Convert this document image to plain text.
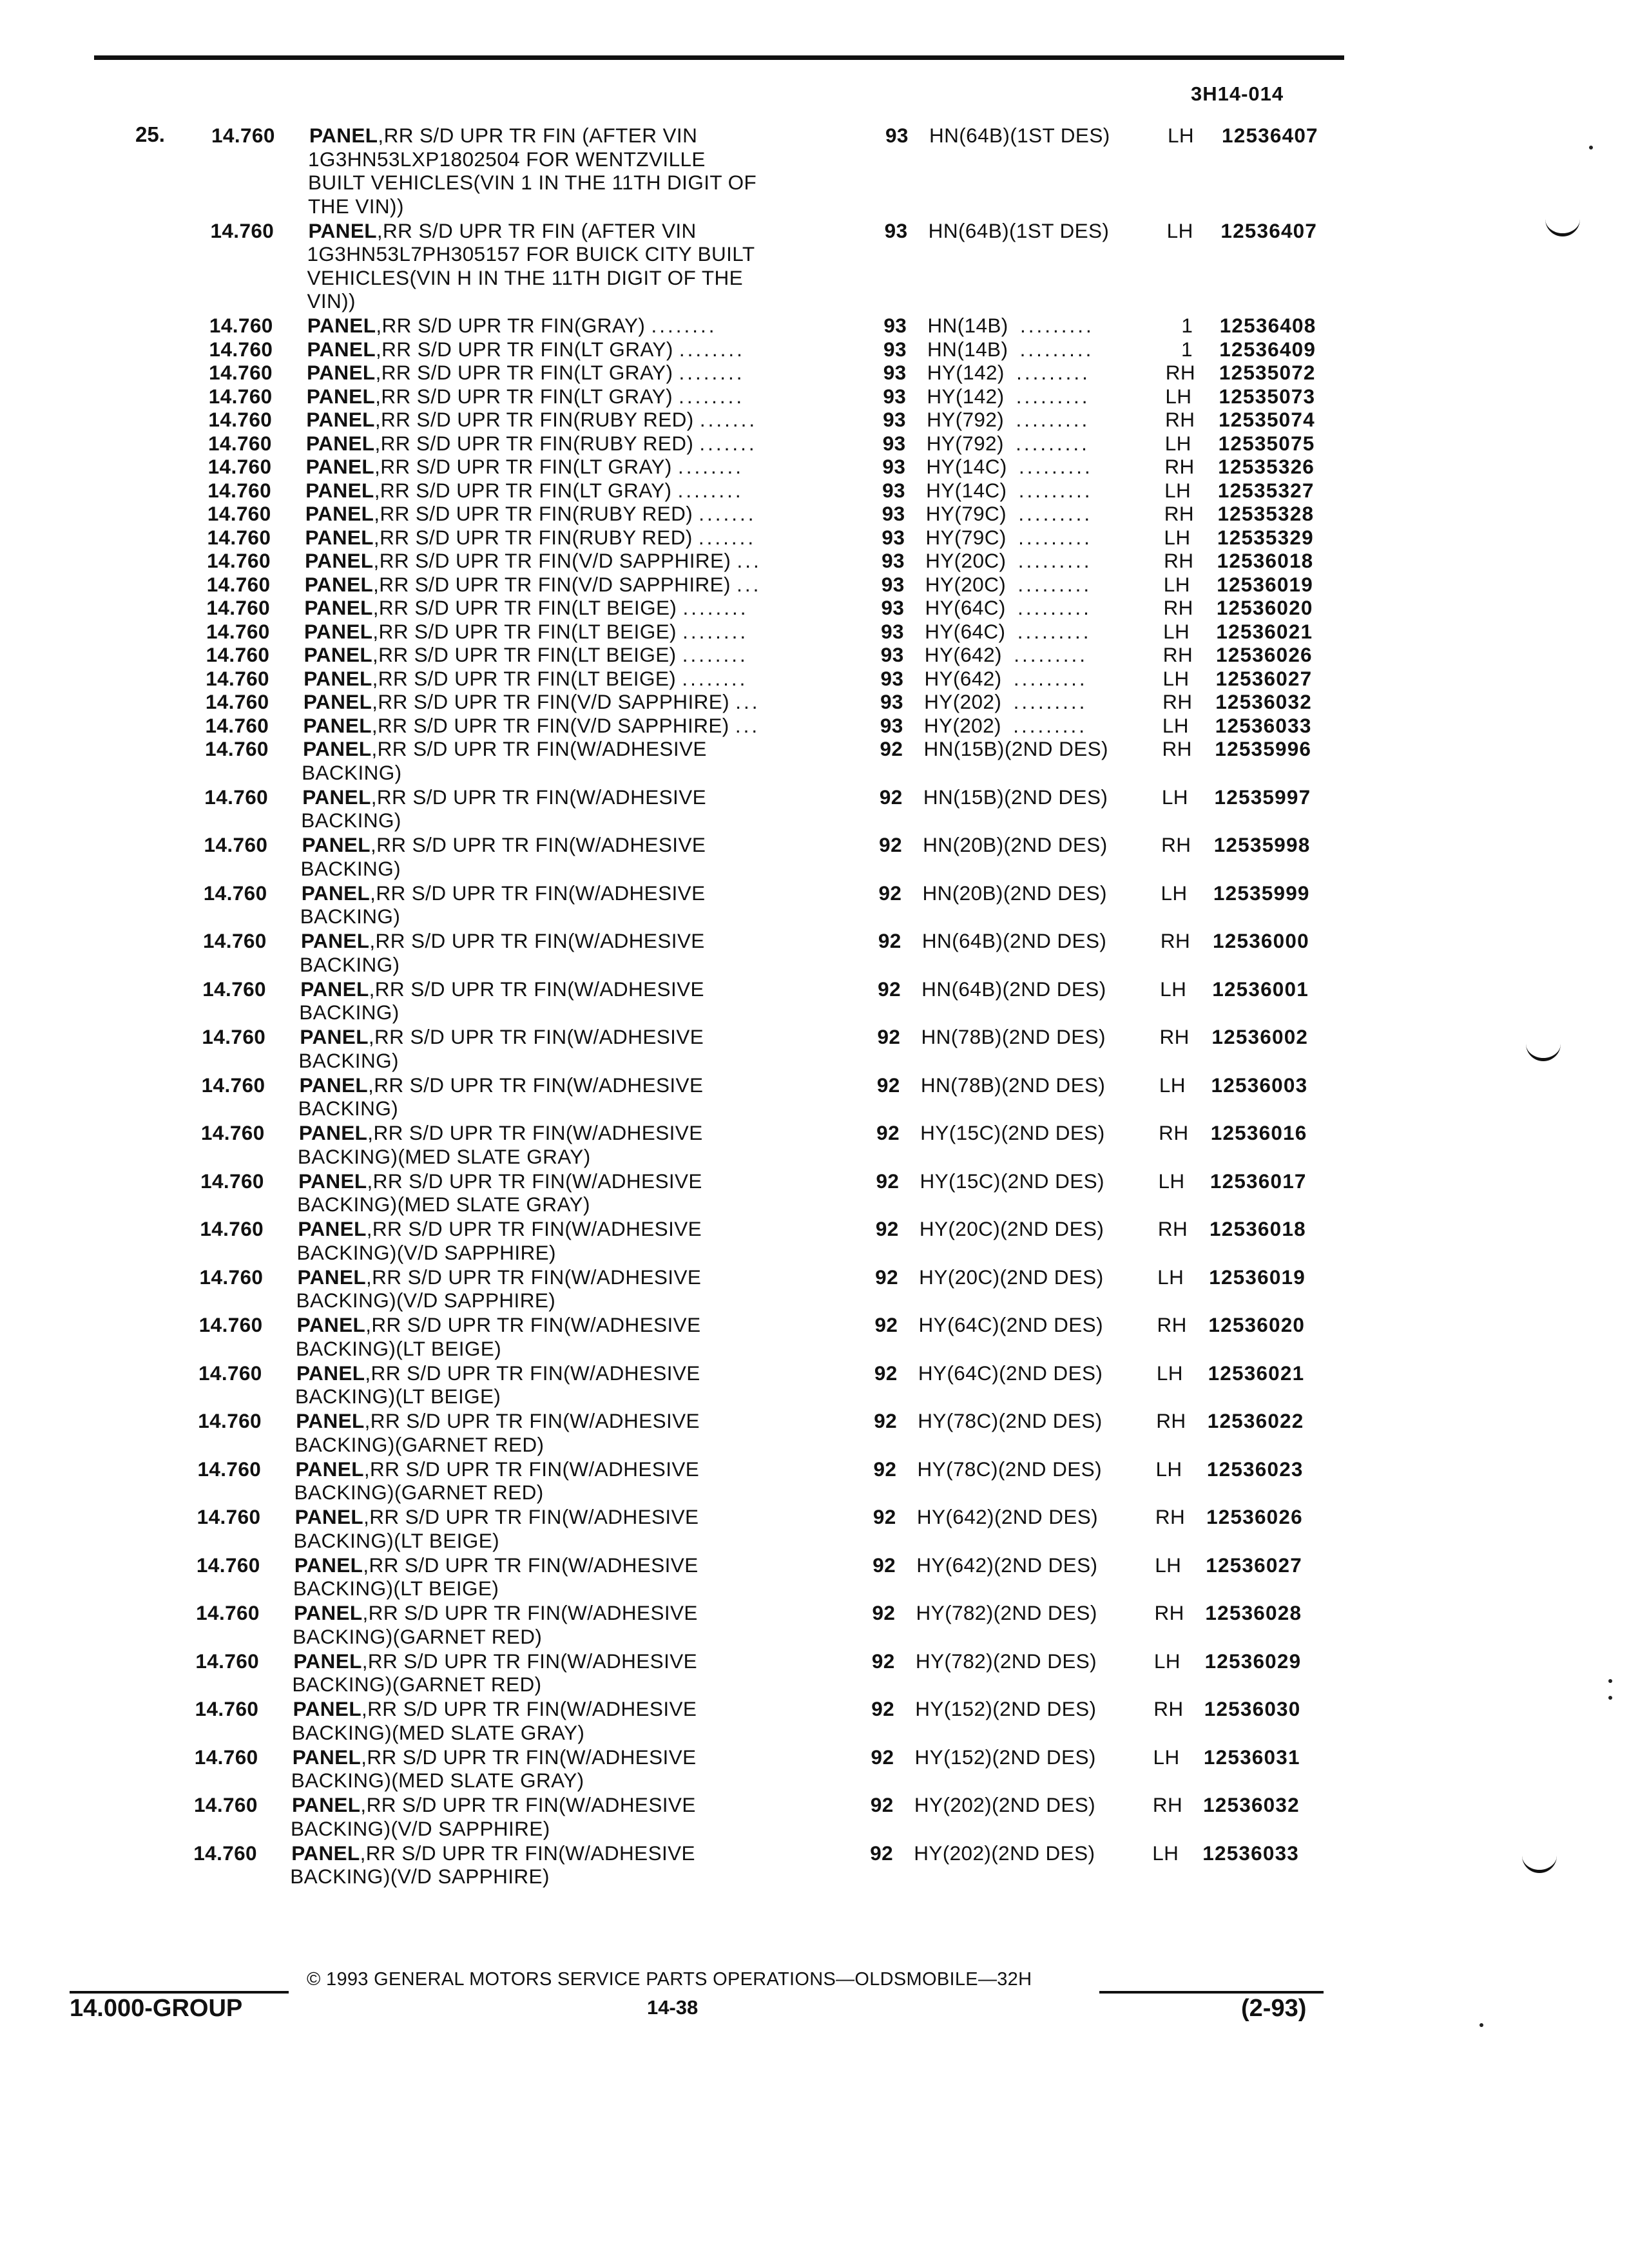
3H14-014
25. 14.760 PANEL,RR S/D UPR TR FIN (AFTER VIN
1G3HN53LXP1802504 FOR WENTZVILLE
BUILT VEHICLES(VIN 1 IN THE 11TH DIGIT OF
THE VIN))
93 HN(64B)(1ST DES)	LH 12536407
14.760 PANEL,RR S/D UPR TR FIN (AFTER VIN
1G3HN53L7PH305157 FOR BUICK CITY BUILT
VEHICLES(VIN H IN THE 11TH DIGIT OF THE
VIN))
93 HN(64B)(1ST DES)	LH 12536407
14.760 PANEL,RR S/D UPR TR FIN(GRAY) ........	93 HN(14B) .........	1 12536408
14.760 PANEL,RR S/D UPR TR FIN(LT GRAY) ........	93 HN(14B) .........	1 12536409
14.760 PANEL,RR S/D UPR TR FIN(LT GRAY) ........	93 HY(142) .........	RH 12535072
14.760 PANEL,RR S/D UPR TR FIN(LT GRAY) ........	93 HY(142) .........	LH 12535073
14.760 PANEL,RR S/D UPR TR FIN(RUBY RED) .......	93 HY(792) .........	RH 12535074
14.760 PANEL,RR S/D UPR TR FIN(RUBY RED) .......	93 HY(792) .........	LH 12535075
14.760 PANEL,RR S/D UPR TR FIN(LT GRAY) ........	93 HY(14C) .........	RH 12535326
14.760 PANEL,RR S/D UPR TR FIN(LT GRAY) ........	93 HY(14C) .........	LH 12535327
14.760 PANEL,RR S/D UPR TR FIN(RUBY RED) .......	93 HY(79C) .........	RH 12535328
14.760 PANEL,RR S/D UPR TR FIN(RUBY RED) .......	93 HY(79C) .........	LH 12535329
14.760 PANEL,RR S/D UPR TR FIN(V/D SAPPHIRE) ...	93 HY(20C) .........	RH 12536018
14.760 PANEL,RR S/D UPR TR FIN(V/D SAPPHIRE) ...	93 HY(20C) .........	LH 12536019
14.760 PANEL,RR S/D UPR TR FIN(LT BEIGE) ........	93 HY(64C) .........	RH 12536020
14.760 PANEL,RR S/D UPR TR FIN(LT BEIGE) ........	93 HY(64C) .........	LH 12536021
14.760 PANEL,RR S/D UPR TR FIN(LT BEIGE) ........	93 HY(642) .........	RH 12536026
14.760 PANEL,RR S/D UPR TR FIN(LT BEIGE) ........	93 HY(642) .........	LH 12536027
14.760 PANEL,RR S/D UPR TR FIN(V/D SAPPHIRE) ...	93 HY(202) .........	RH 12536032
14.760 PANEL,RR S/D UPR TR FIN(V/D SAPPHIRE) ...	93 HY(202) .........	LH 12536033
14.760 PANEL,RR S/D UPR TR FIN(W/ADHESIVE
BACKING)
92 HN(15B)(2ND DES)	RH 12535996
14.760 PANEL,RR S/D UPR TR FIN(W/ADHESIVE
BACKING)
92 HN(15B)(2ND DES)	LH 12535997
14.760 PANEL,RR S/D UPR TR FIN(W/ADHESIVE
BACKING)
92 HN(20B)(2ND DES)	RH 12535998
14.760 PANEL,RR S/D UPR TR FIN(W/ADHESIVE
BACKING)
92 HN(20B)(2ND DES)	LH 12535999
14.760 PANEL,RR S/D UPR TR FIN(W/ADHESIVE
BACKING)
92 HN(64B)(2ND DES)	RH 12536000
14.760 PANEL,RR S/D UPR TR FIN(W/ADHESIVE
BACKING)
92 HN(64B)(2ND DES)	LH 12536001
14.760 PANEL,RR S/D UPR TR FIN(W/ADHESIVE
BACKING)
92 HN(78B)(2ND DES)	RH 12536002
14.760 PANEL,RR S/D UPR TR FIN(W/ADHESIVE
BACKING)
92 HN(78B)(2ND DES)	LH 12536003
14.760 PANEL,RR S/D UPR TR FIN(W/ADHESIVE
BACKING)(MED SLATE GRAY)
92 HY(15C)(2ND DES)	RH 12536016
14.760 PANEL,RR S/D UPR TR FIN(W/ADHESIVE
BACKING)(MED SLATE GRAY)
92 HY(15C)(2ND DES)	LH 12536017
14.760 PANEL,RR S/D UPR TR FIN(W/ADHESIVE
BACKING)(V/D SAPPHIRE)
92 HY(20C)(2ND DES)	RH 12536018
14.760 PANEL,RR S/D UPR TR FIN(W/ADHESIVE
BACKING)(V/D SAPPHIRE)
92 HY(20C)(2ND DES)	LH 12536019
14.760 PANEL,RR S/D UPR TR FIN(W/ADHESIVE
BACKING)(LT BEIGE)
92 HY(64C)(2ND DES)	RH 12536020
14.760 PANEL,RR S/D UPR TR FIN(W/ADHESIVE
BACKING)(LT BEIGE)
92 HY(64C)(2ND DES)	LH 12536021
14.760 PANEL,RR S/D UPR TR FIN(W/ADHESIVE
BACKING)(GARNET RED)
92 HY(78C)(2ND DES)	RH 12536022
14.760 PANEL,RR S/D UPR TR FIN(W/ADHESIVE
BACKING)(GARNET RED)
92 HY(78C)(2ND DES)	LH 12536023
14.760 PANEL,RR S/D UPR TR FIN(W/ADHESIVE
BACKING)(LT BEIGE)
92 HY(642)(2ND DES)	RH 12536026
14.760 PANEL,RR S/D UPR TR FIN(W/ADHESIVE
BACKING)(LT BEIGE)
92 HY(642)(2ND DES)	LH 12536027
14.760 PANEL,RR S/D UPR TR FIN(W/ADHESIVE
BACKING)(GARNET RED)
92 HY(782)(2ND DES)	RH 12536028
14.760 PANEL,RR S/D UPR TR FIN(W/ADHESIVE
BACKING)(GARNET RED)
92 HY(782)(2ND DES)	LH 12536029
14.760 PANEL,RR S/D UPR TR FIN(W/ADHESIVE
BACKING)(MED SLATE GRAY)
92 HY(152)(2ND DES)	RH 12536030
14.760 PANEL,RR S/D UPR TR FIN(W/ADHESIVE
BACKING)(MED SLATE GRAY)
92 HY(152)(2ND DES)	LH 12536031
14.760 PANEL,RR S/D UPR TR FIN(W/ADHESIVE
BACKING)(V/D SAPPHIRE)
92 HY(202)(2ND DES)	RH 12536032
14.760 PANEL,RR S/D UPR TR FIN(W/ADHESIVE
BACKING)(V/D SAPPHIRE)
92 HY(202)(2ND DES)	LH 12536033
© 1993 GENERAL MOTORS SERVICE PARTS OPERATIONS—OLDSMOBILE—32H
14.000-GROUP	14-38	(2-93)
